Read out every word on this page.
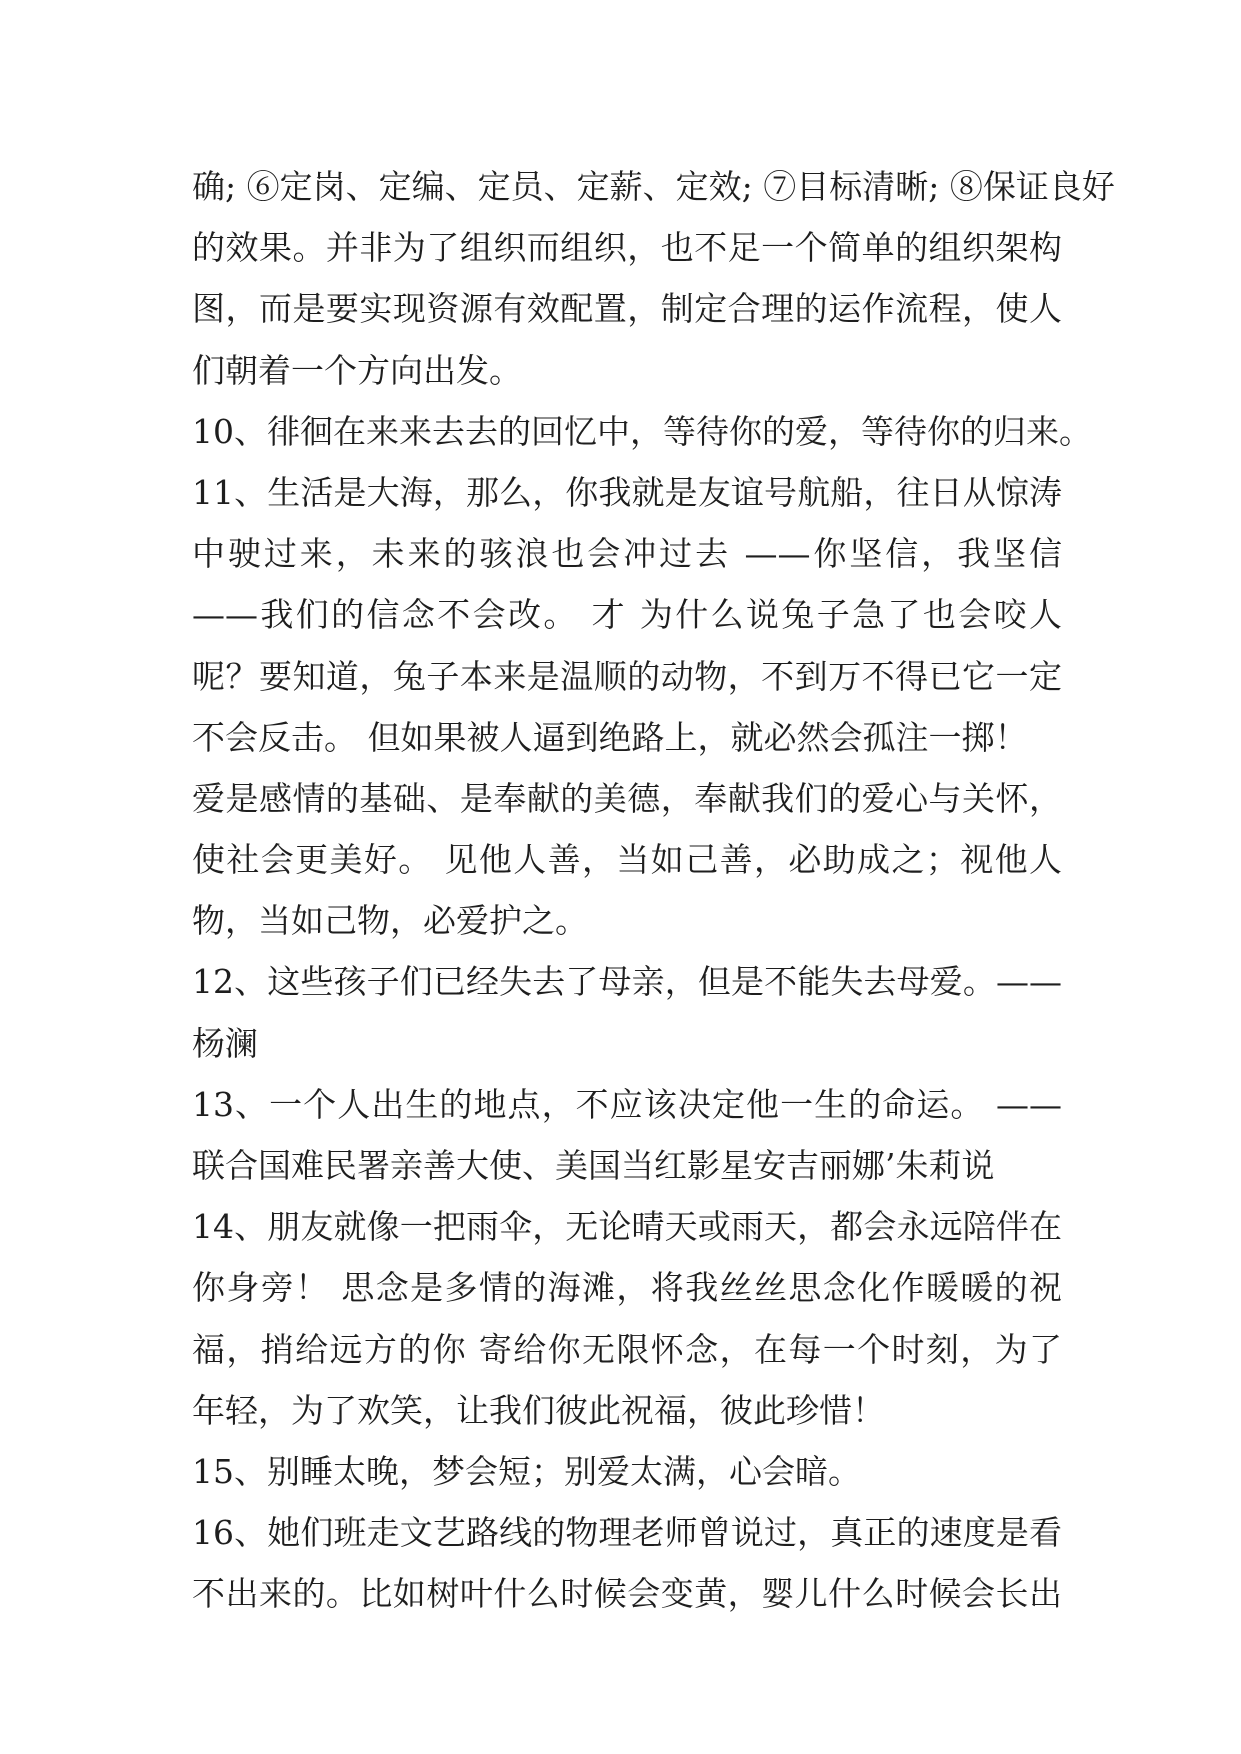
确; ⑥定岗、定编、定员、定薪、定效; ⑦目标清晰; ⑧保证良好
的效果。并非为了组织而组织，也不足一个简单的组织架构
图，而是要实现资源有效配置，制定合理的运作流程，使人
们朝着一个方向出发。
10、徘徊在来来去去的回忆中，等待你的爱，等待你的归来。
11、生活是大海，那么，你我就是友谊号航船，往日从惊涛
中驶过来，未来的骇浪也会冲过去 ——你坚信，我坚信
——我们的信念不会改。 才 为什么说兔子急了也会咬人
呢？要知道，兔子本来是温顺的动物，不到万不得已它一定
不会反击。 但如果被人逼到绝路上，就必然会孤注一掷！
爱是感情的基础、是奉献的美德，奉献我们的爱心与关怀，
使社会更美好。 见他人善，当如己善，必助成之；视他人
物，当如己物，必爱护之。
12、这些孩子们已经失去了母亲，但是不能失去母爱。——
杨澜
13、一个人出生的地点，不应该决定他一生的命运。 ——
联合国难民署亲善大使、美国当红影星安吉丽娜’朱莉说
14、朋友就像一把雨伞，无论晴天或雨天，都会永远陪伴在
你身旁！ 思念是多情的海滩，将我丝丝思念化作暖暖的祝
福，捎给远方的你 寄给你无限怀念，在每一个时刻，为了
年轻，为了欢笑，让我们彼此祝福，彼此珍惜！
15、别睡太晚，梦会短；别爱太满，心会暗。
16、她们班走文艺路线的物理老师曾说过，真正的速度是看
不出来的。比如树叶什么时候会变黄，婴儿什么时候会长出
